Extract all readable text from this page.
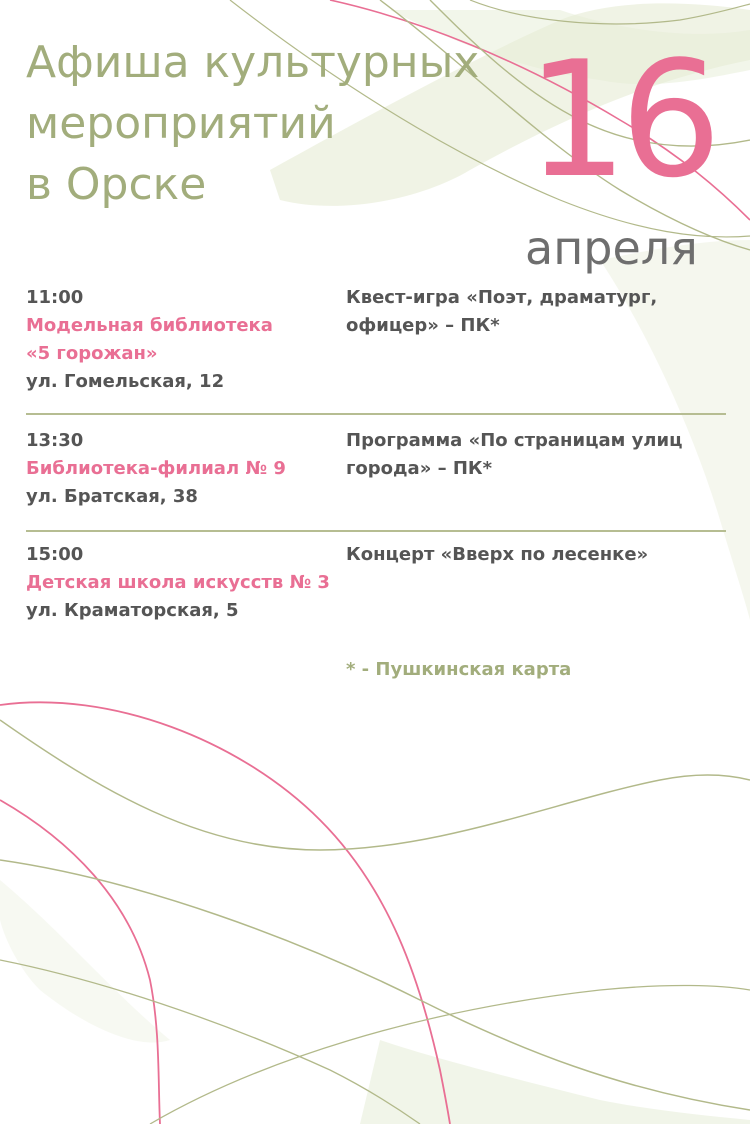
Афиша культурных
мероприятий
в Орске	16
апреля
11:00
Модельная библиотека
«5 горожан»
ул. Гомельская, 12
Квест-игра «Поэт, драматург, офицер» – ПК*
13:30
Библиотека-филиал № 9
ул. Братская, 38
Программа «По страницам улиц города» – ПК*
15:00
Детская школа искусств № 3
ул. Краматорская, 5
Концерт «Вверх по лесенке»
* - Пушкинская карта
